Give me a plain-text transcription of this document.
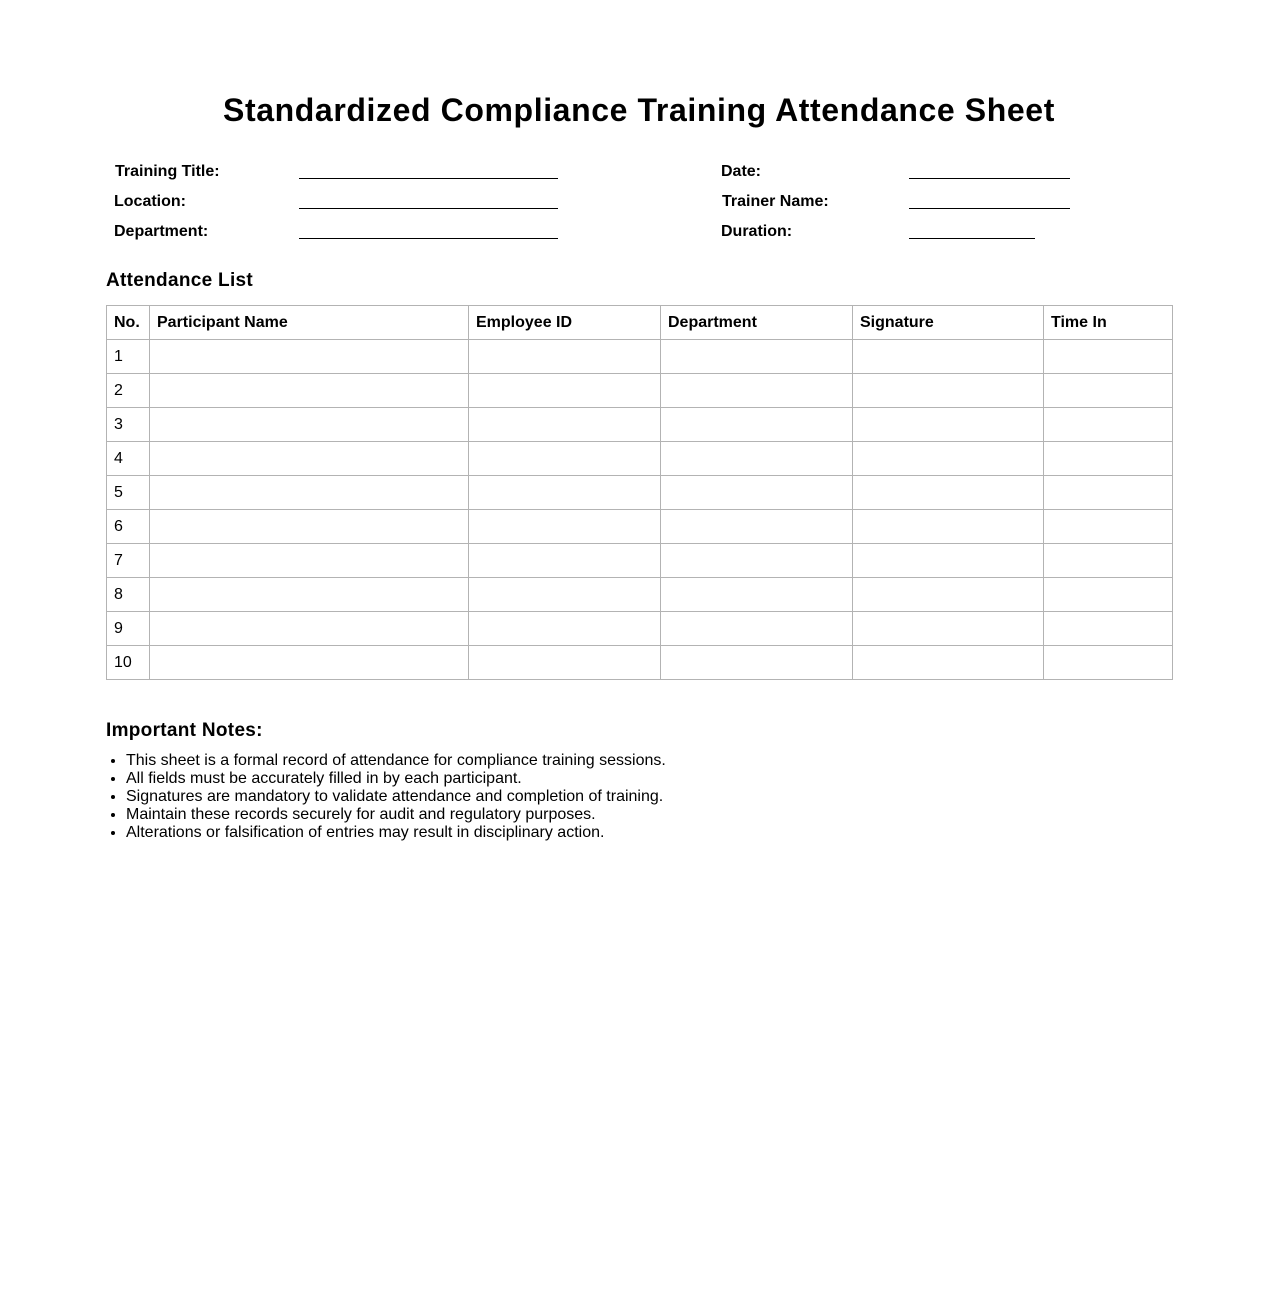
Standardized Compliance Training Attendance Sheet
Training Title:
Location:
Department:
Date:
Trainer Name:
Duration:
Attendance List
No.	Participant Name	Employee ID	Department	Signature	Time In
1					
2					
3					
4					
5					
6					
7					
8					
9					
10					
Important Notes:
• This sheet is a formal record of attendance for compliance training sessions.
• All fields must be accurately filled in by each participant.
• Signatures are mandatory to validate attendance and completion of training.
• Maintain these records securely for audit and regulatory purposes.
• Alterations or falsification of entries may result in disciplinary action.
